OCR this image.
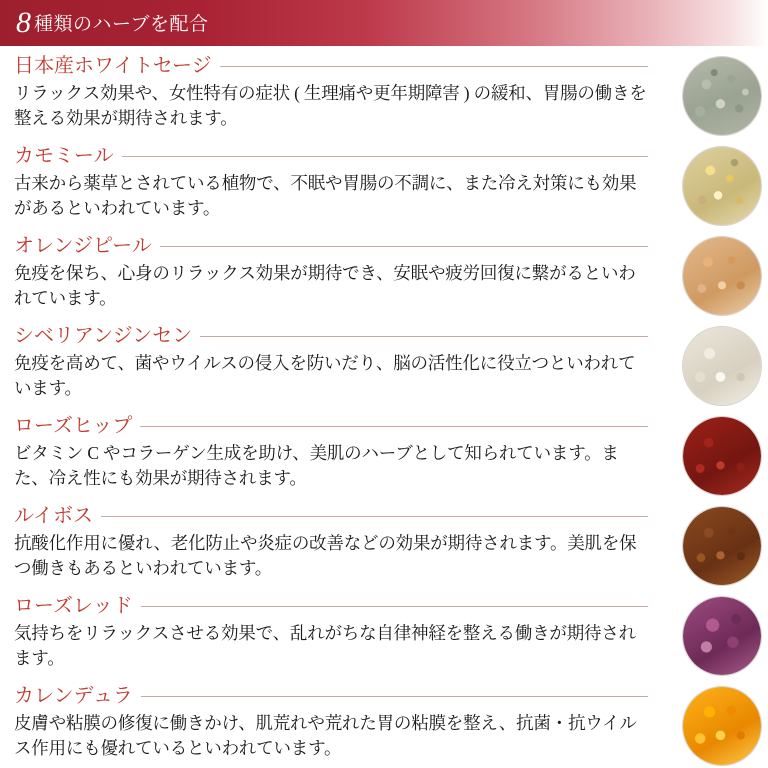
8 種類のハーブを配合
日本産ホワイトセージ

リラックス効果や、女性特有の症状 ( 生理痛や更年期障害 ) の緩和、胃腸の働きを整える効果が期待されます。

カモミール

古来から薬草とされている植物で、不眠や胃腸の不調に、また冷え対策にも効果があるといわれています。

オレンジピール

免疫を保ち、心身のリラックス効果が期待でき、安眠や疲労回復に繋がるといわれています。

シベリアンジンセン

免疫を高めて、菌やウイルスの侵入を防いだり、脳の活性化に役立つといわれています。

ローズヒップ

ビタミン C やコラーゲン生成を助け、美肌のハーブとして知られています。また、冷え性にも効果が期待されます。

ルイボス

抗酸化作用に優れ、老化防止や炎症の改善などの効果が期待されます。美肌を保つ働きもあるといわれています。

ローズレッド

気持ちをリラックスさせる効果で、乱れがちな自律神経を整える働きが期待されます。

カレンデュラ

皮膚や粘膜の修復に働きかけ、肌荒れや荒れた胃の粘膜を整え、抗菌・抗ウイルス作用にも優れているといわれています。
